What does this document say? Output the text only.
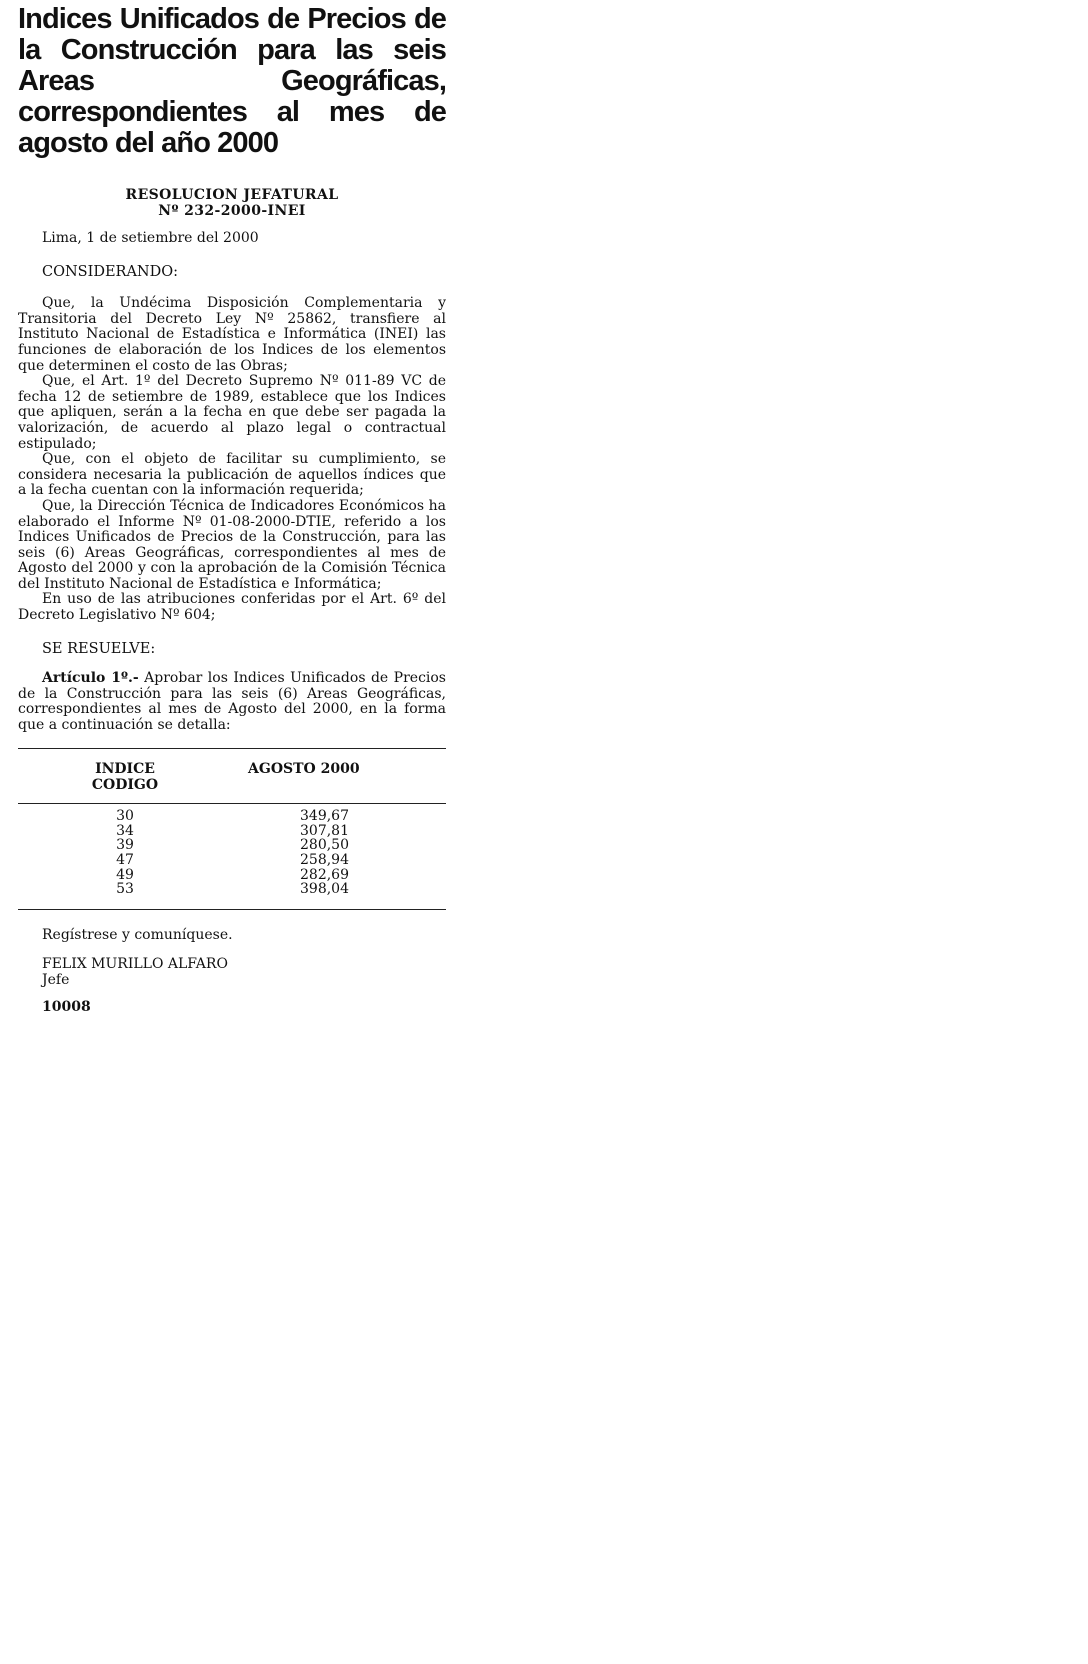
Indices Unificados de Precios de la Construcción para las seis Areas Geográficas, correspondientes al mes de agosto del año 2000
RESOLUCION JEFATURAL
Nº 232-2000-INEI
Lima, 1 de setiembre del 2000
CONSIDERANDO:

Que, la Undécima Disposición Complementaria y Transitoria del Decreto Ley Nº 25862, transfiere al Instituto Nacional de Estadística e Informática (INEI) las funciones de elaboración de los Indices de los elementos que determinen el costo de las Obras;

Que, el Art. 1º del Decreto Supremo Nº 011-89 VC de fecha 12 de setiembre de 1989, establece que los Indices que apliquen, serán a la fecha en que debe ser pagada la valorización, de acuerdo al plazo legal o contractual estipulado;

Que, con el objeto de facilitar su cumplimiento, se considera necesaria la publicación de aquellos índices que a la fecha cuentan con la información requerida;

Que, la Dirección Técnica de Indicadores Económicos ha elaborado el Informe Nº 01-08-2000-DTIE, referido a los Indices Unificados de Precios de la Construcción, para las seis (6) Areas Geográficas, correspondientes al mes de Agosto del 2000 y con la aprobación de la Comisión Técnica del Instituto Nacional de Estadística e Informática;

En uso de las atribuciones conferidas por el Art. 6º del Decreto Legislativo Nº 604;

SE RESUELVE:

Artículo 1º.- Aprobar los Indices Unificados de Precios de la Construcción para las seis (6) Areas Geográficas, correspondientes al mes de Agosto del 2000, en la forma que a continuación se detalla:

INDICE
CODIGO	AGOSTO 2000

30	349,67
34	307,81
39	280,50
47	258,94
49	282,69
53	398,04
Regístrese y comuníquese.
FELIX MURILLO ALFARO
Jefe
10008
